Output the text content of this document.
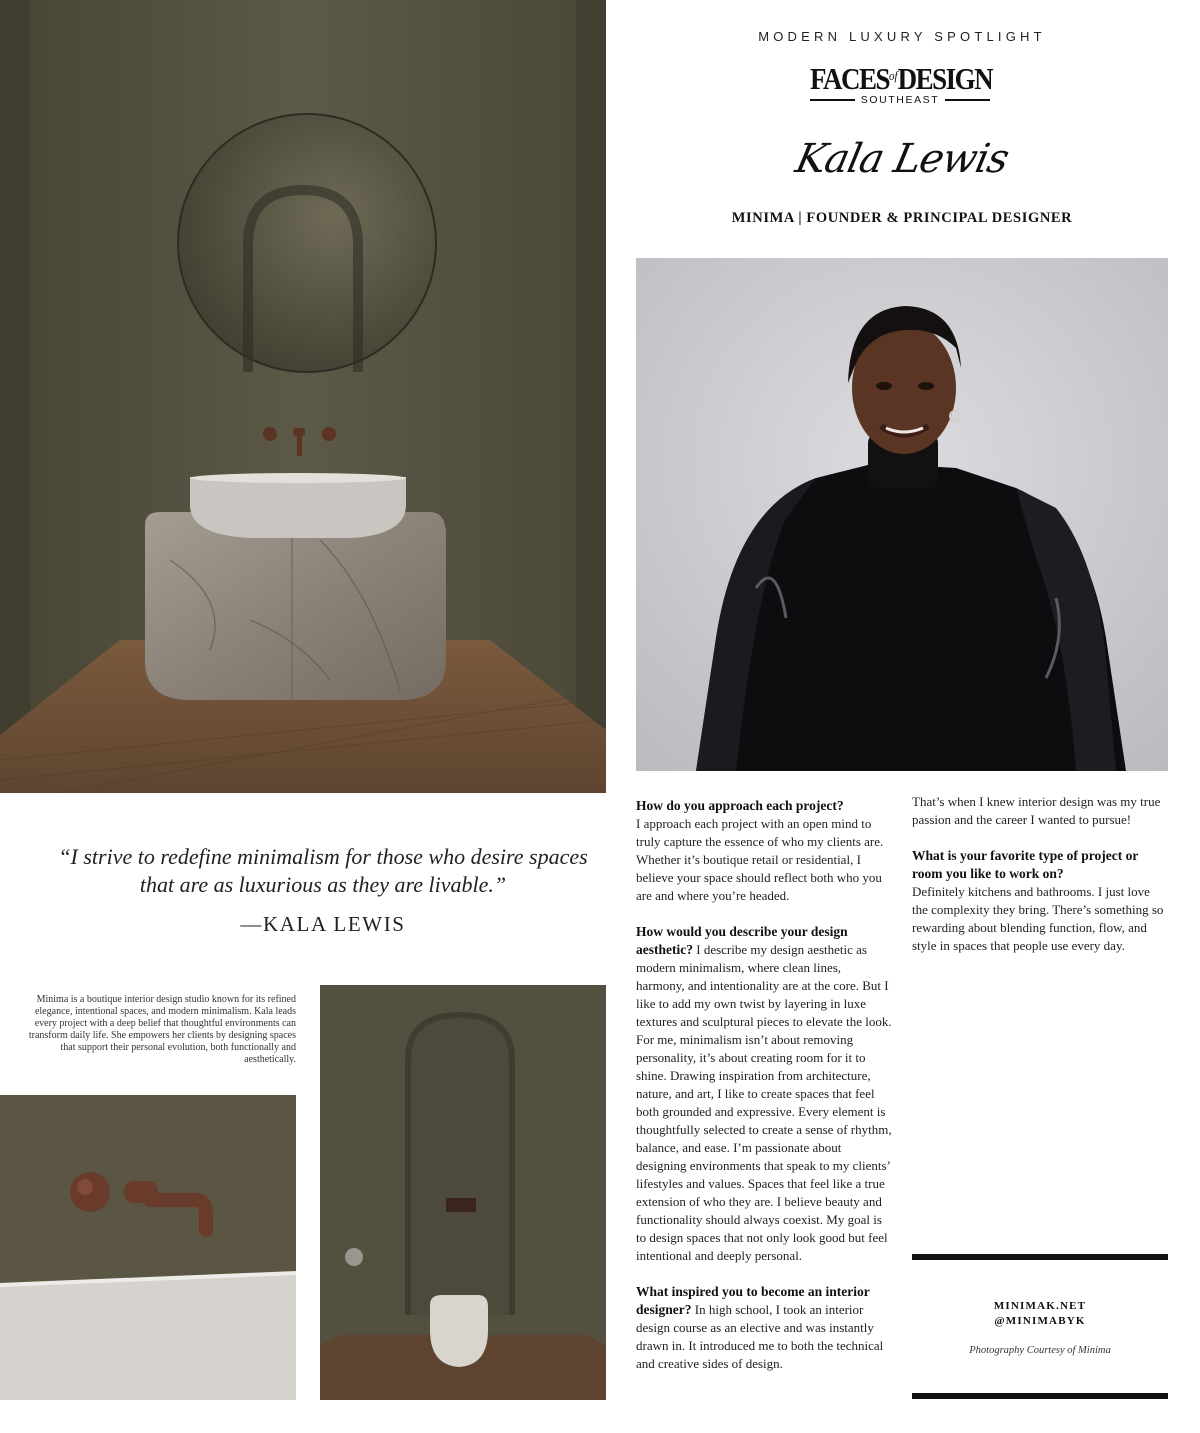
MODERN LUXURY SPOTLIGHT
$FACES^{of}DESIGN$
SOUTHEAST
Kala Lewis
MINIMA | FOUNDER & PRINCIPAL DESIGNER
“I strive to redefine minimalism for those who desire spaces that are as luxurious as they are livable.”
—KALA LEWIS
Minima is a boutique interior design studio known for its refined elegance, intentional spaces, and modern minimalism. Kala leads every project with a deep belief that thoughtful environments can transform daily life. She empowers her clients by designing spaces that support their personal evolution, both functionally and aesthetically.

How do you approach each project?
I approach each project with an open mind to truly capture the essence of who my clients are. Whether it’s boutique retail or residential, I believe your space should reflect both who you are and where you’re headed.

How would you describe your design aesthetic? I describe my design aesthetic as modern minimalism, where clean lines, harmony, and intentionality are at the core. But I like to add my own twist by layering in luxe textures and sculptural pieces to elevate the look. For me, minimalism isn’t about removing personality, it’s about creating room for it to shine. Drawing inspiration from architecture, nature, and art, I like to create spaces that feel both grounded and expressive. Every element is thoughtfully selected to create a sense of rhythm, balance, and ease. I’m passionate about designing environments that speak to my clients’ lifestyles and values. Spaces that feel like a true extension of who they are. I believe beauty and functionality should always coexist. My goal is to design spaces that not only look good but feel intentional and deeply personal.

What inspired you to become an interior designer? In high school, I took an interior design course as an elective and was instantly drawn in. It introduced me to both the technical and creative sides of design.

That’s when I knew interior design was my true passion and the career I wanted to pursue!

What is your favorite type of project or room you like to work on?
Definitely kitchens and bathrooms. I just love the complexity they bring. There’s something so rewarding about blending function, flow, and style in spaces that people use every day.

MINIMAK.NET
@MINIMABYK
Photography Courtesy of Minima
